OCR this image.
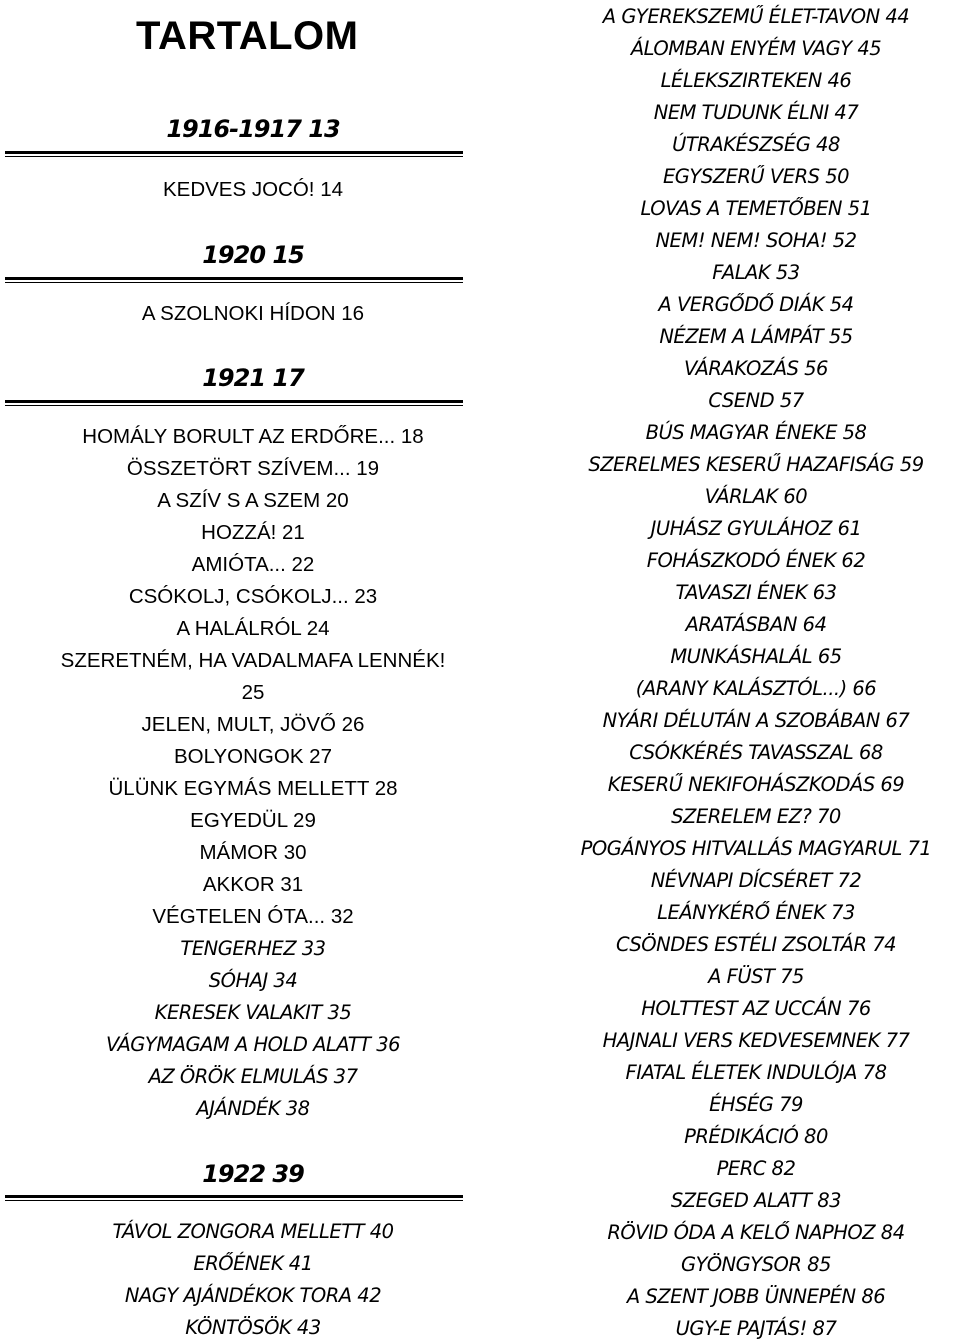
TARTALOM
1916-1917 13
KEDVES JOCÓ! 14
1920 15
A SZOLNOKI HÍDON 16
1921 17
HOMÁLY BORULT AZ ERDŐRE... 18
ÖSSZETÖRT SZÍVEM... 19
A SZÍV S A SZEM 20
HOZZÁ! 21
AMIÓTA... 22
CSÓKOLJ, CSÓKOLJ... 23
A HALÁLRÓL 24
SZERETNÉM, HA VADALMAFA LENNÉK!
25
JELEN, MULT, JÖVŐ 26
BOLYONGOK 27
ÜLÜNK EGYMÁS MELLETT 28
EGYEDÜL 29
MÁMOR 30
AKKOR 31
VÉGTELEN ÓTA... 32
TENGERHEZ 33
SÓHAJ 34
KERESEK VALAKIT 35
VÁGYMAGAM A HOLD ALATT 36
AZ ÖRÖK ELMULÁS 37
AJÁNDÉK 38
1922 39
TÁVOL ZONGORA MELLETT 40
ERŐÉNEK 41
NAGY AJÁNDÉKOK TORA 42
KÖNTÖSÖK 43
A GYEREKSZEMŰ ÉLET-TAVON 44
ÁLOMBAN ENYÉM VAGY 45
LÉLEKSZIRTEKEN 46
NEM TUDUNK ÉLNI 47
ÚTRAKÉSZSÉG 48
EGYSZERŰ VERS 50
LOVAS A TEMETŐBEN 51
NEM! NEM! SOHA! 52
FALAK 53
A VERGŐDŐ DIÁK 54
NÉZEM A LÁMPÁT 55
VÁRAKOZÁS 56
CSEND 57
BÚS MAGYAR ÉNEKE 58
SZERELMES KESERŰ HAZAFISÁG 59
VÁRLAK 60
JUHÁSZ GYULÁHOZ 61
FOHÁSZKODÓ ÉNEK 62
TAVASZI ÉNEK 63
ARATÁSBAN 64
MUNKÁSHALÁL 65
(ARANY KALÁSZTÓL...) 66
NYÁRI DÉLUTÁN A SZOBÁBAN 67
CSÓKKÉRÉS TAVASSZAL 68
KESERŰ NEKIFOHÁSZKODÁS 69
SZERELEM EZ? 70
POGÁNYOS HITVALLÁS MAGYARUL 71
NÉVNAPI DÍCSÉRET 72
LEÁNYKÉRŐ ÉNEK 73
CSÖNDES ESTÉLI ZSOLTÁR 74
A FÜST 75
HOLTTEST AZ UCCÁN 76
HAJNALI VERS KEDVESEMNEK 77
FIATAL ÉLETEK INDULÓJA 78
ÉHSÉG 79
PRÉDIKÁCIÓ 80
PERC 82
SZEGED ALATT 83
RÖVID ÓDA A KELŐ NAPHOZ 84
GYÖNGYSOR 85
A SZENT JOBB ÜNNEPÉN 86
UGY-E PAJTÁS! 87
